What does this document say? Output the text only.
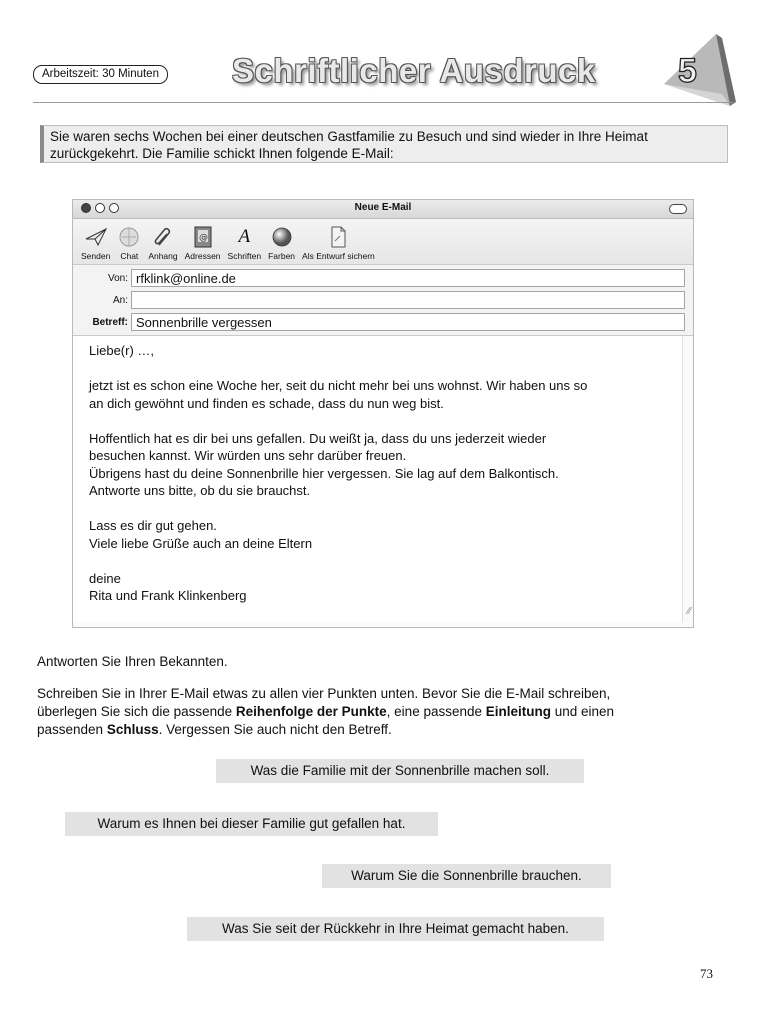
Arbeitszeit: 30 Minuten Schriftlicher Ausdruck 5
Sie waren sechs Wochen bei einer deutschen Gastfamilie zu Besuch und sind wieder in Ihre Heimat zurückgekehrt. Die Familie schickt Ihnen folgende E-Mail:
Neue E-Mail
Senden Chat Anhang
@
Adressen
A
Schriften Farben Als Entwurf sichern
Von: rfklink@online.de
An:
Betreff: Sonnenbrille vergessen

Liebe(r) …,

jetzt ist es schon eine Woche her, seit du nicht mehr bei uns wohnst. Wir haben uns so
an dich gewöhnt und finden es schade, dass du nun weg bist.

Hoffentlich hat es dir bei uns gefallen. Du weißt ja, dass du uns jederzeit wieder
besuchen kannst. Wir würden uns sehr darüber freuen.
Übrigens hast du deine Sonnenbrille hier vergessen. Sie lag auf dem Balkontisch.
Antworte uns bitte, ob du sie brauchst.

Lass es dir gut gehen.
Viele liebe Grüße auch an deine Eltern

deine
Rita und Frank Klinkenberg

⁄⁄

Antworten Sie Ihren Bekannten.

Schreiben Sie in Ihrer E-Mail etwas zu allen vier Punkten unten. Bevor Sie die E-Mail schreiben,
überlegen Sie sich die passende Reihenfolge der Punkte, eine passende Einleitung und einen
passenden Schluss. Vergessen Sie auch nicht den Betreff.

Was die Familie mit der Sonnenbrille machen soll.
Warum es Ihnen bei dieser Familie gut gefallen hat.
Warum Sie die Sonnenbrille brauchen.
Was Sie seit der Rückkehr in Ihre Heimat gemacht haben.
73
